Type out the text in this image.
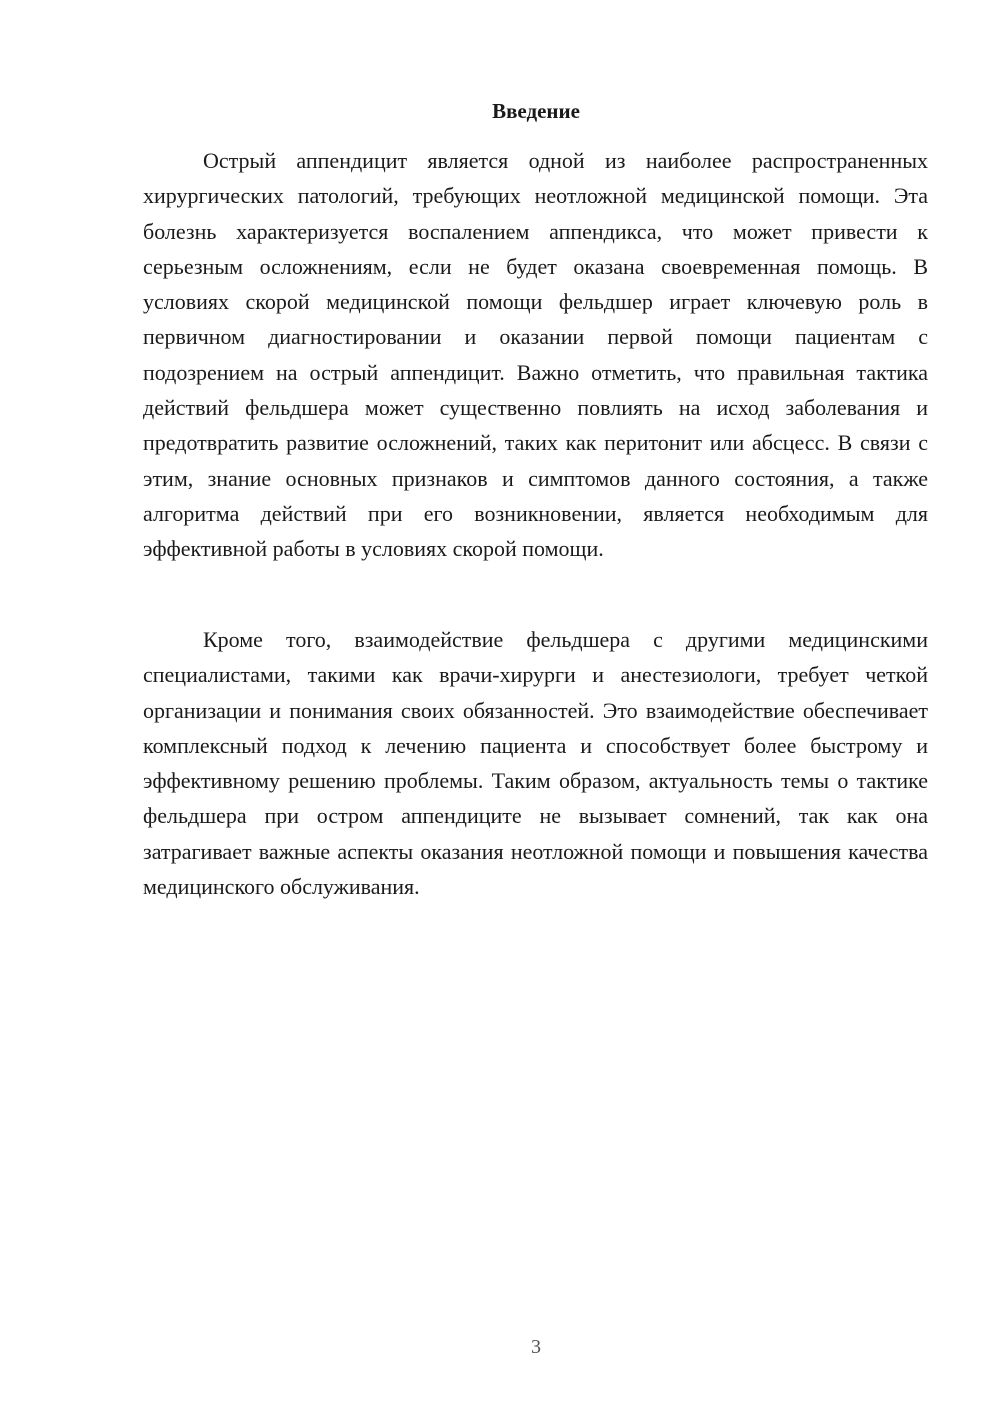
Введение

Острый аппендицит является одной из наиболее распространенных хирургических патологий, требующих неотложной медицинской помощи. Эта болезнь характеризуется воспалением аппендикса, что может привести к серьезным осложнениям, если не будет оказана своевременная помощь. В условиях скорой медицинской помощи фельдшер играет ключевую роль в первичном диагностировании и оказании первой помощи пациентам с подозрением на острый аппендицит. Важно отметить, что правильная тактика действий фельдшера может существенно повлиять на исход заболевания и предотвратить развитие осложнений, таких как перитонит или абсцесс. В связи с этим, знание основных признаков и симптомов данного состояния, а также алгоритма действий при его возникновении, является необходимым для эффективной работы в условиях скорой помощи.

Кроме того, взаимодействие фельдшера с другими медицинскими специалистами, такими как врачи-хирурги и анестезиологи, требует четкой организации и понимания своих обязанностей. Это взаимодействие обеспечивает комплексный подход к лечению пациента и способствует более быстрому и эффективному решению проблемы. Таким образом, актуальность темы о тактике фельдшера при остром аппендиците не вызывает сомнений, так как она затрагивает важные аспекты оказания неотложной помощи и повышения качества медицинского обслуживания.

3
